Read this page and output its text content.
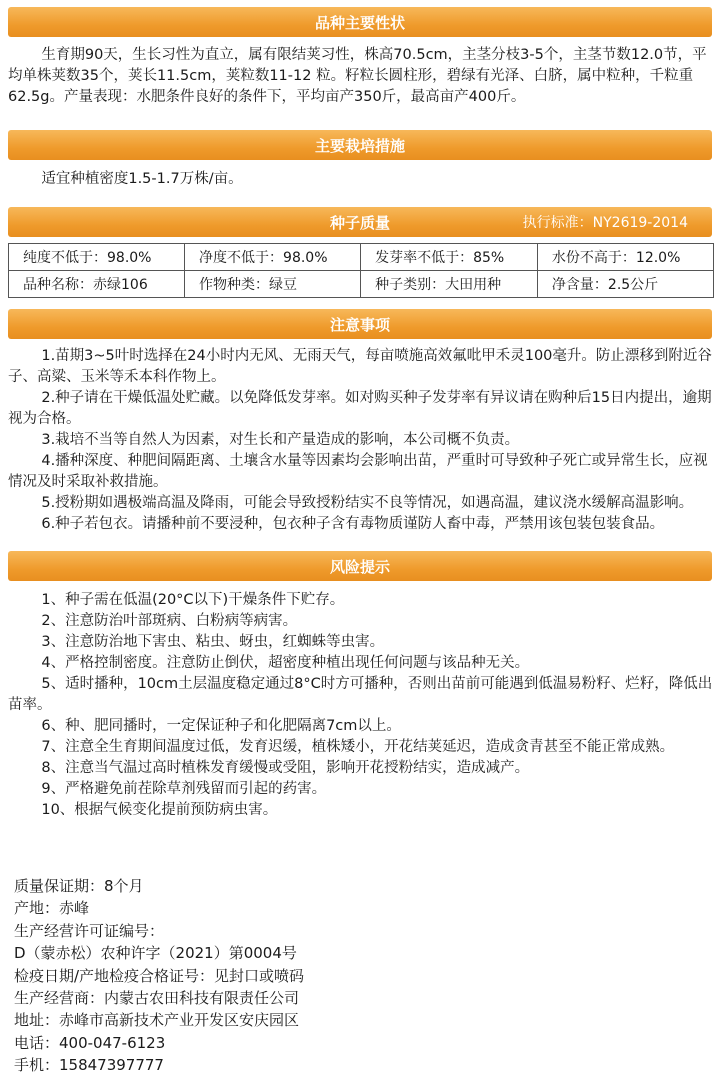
品种主要性状

生育期90天，生长习性为直立，属有限结荚习性，株高70.5cm，主茎分枝3-5个，主茎节数12.0节，平均单株荚数35个，荚长11.5cm，荚粒数11-12 粒。籽粒长圆柱形，碧绿有光泽、白脐，属中粒种，千粒重62.5g。产量表现：水肥条件良好的条件下，平均亩产350斤，最高亩产400斤。

主要栽培措施

适宜种植密度1.5-1.7万株/亩。

种子质量	执行标准：NY2619-2014
纯度不低于：98.0%	净度不低于：98.0%	发芽率不低于：85%	水份不高于：12.0%
品种名称：赤绿106	作物种类：绿豆	种子类别：大田用种	净含量：2.5公斤
注意事项

1.苗期3~5叶时选择在24小时内无风、无雨天气，每亩喷施高效氟吡甲禾灵100毫升。防止漂移到附近谷子、高粱、玉米等禾本科作物上。

2.种子请在干燥低温处贮藏。以免降低发芽率。如对购买种子发芽率有异议请在购种后15日内提出，逾期视为合格。

3.栽培不当等自然人为因素，对生长和产量造成的影响，本公司概不负责。

4.播种深度、种肥间隔距离、土壤含水量等因素均会影响出苗，严重时可导致种子死亡或异常生长，应视情况及时采取补救措施。

5.授粉期如遇极端高温及降雨，可能会导致授粉结实不良等情况，如遇高温，建议浇水缓解高温影响。

6.种子若包衣。请播种前不要浸种，包衣种子含有毒物质谨防人畜中毒，严禁用该包装包装食品。

风险提示

1、种子需在低温(20°C以下)干燥条件下贮存。

2、注意防治叶部斑病、白粉病等病害。

3、注意防治地下害虫、粘虫、蚜虫，红蜘蛛等虫害。

4、严格控制密度。注意防止倒伏，超密度种植出现任何问题与该品种无关。

5、适时播种，10cm土层温度稳定通过8°C时方可播种，否则出苗前可能遇到低温易粉籽、烂籽，降低出苗率。

6、种、肥同播时，一定保证种子和化肥隔离7cm以上。

7、注意全生育期间温度过低，发育迟缓，植株矮小，开花结荚延迟，造成贪青甚至不能正常成熟。

8、注意当气温过高时植株发育缓慢或受阻，影响开花授粉结实，造成减产。

9、严格避免前茬除草剂残留而引起的药害。

10、根据气候变化提前预防病虫害。

质量保证期：8个月
产地：赤峰
生产经营许可证编号：
D（蒙赤松）农种许字（2021）第0004号
检疫日期/产地检疫合格证号：见封口或喷码
生产经营商：内蒙古农田科技有限责任公司
地址：赤峰市高新技术产业开发区安庆园区
电话：400-047-6123
手机：15847397777
